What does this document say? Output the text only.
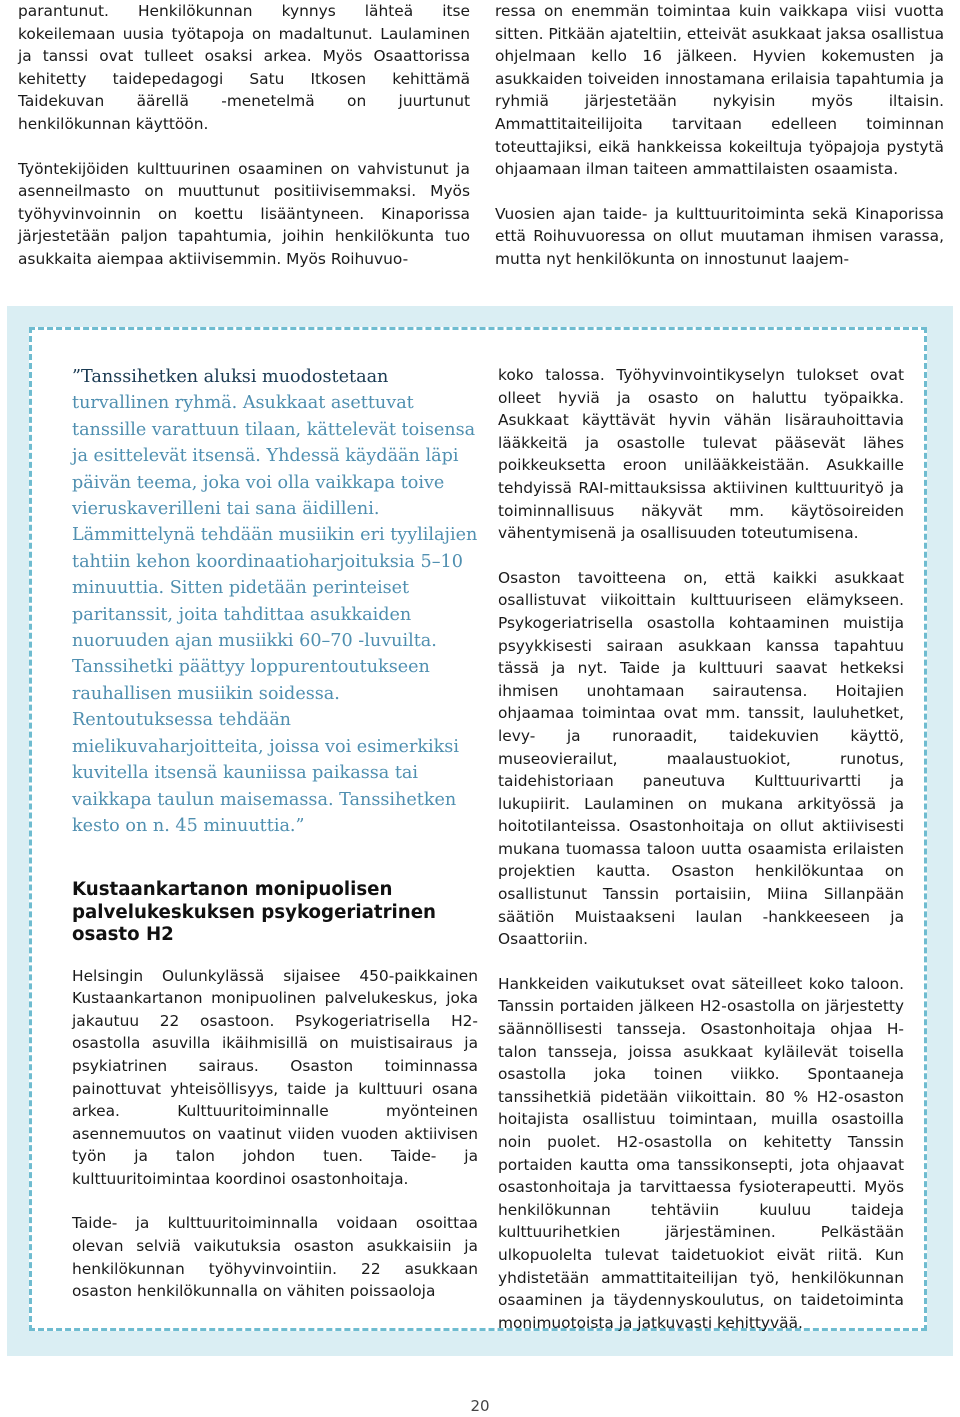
parantunut. Henkilökunnan kynnys lähteä itse kokeilemaan uusia työtapoja on madaltunut. Laulaminen ja tanssi ovat tulleet osaksi arkea. Myös Osaattorissa kehitetty taidepedagogi Satu Itkosen kehittämä Taidekuvan äärellä -menetelmä on juurtunut henkilökunnan käyttöön.

Työntekijöiden kulttuurinen osaaminen on vahvistunut ja asenneilmasto on muuttunut positiivisemmaksi. Myös työhyvinvoinnin on koettu lisääntyneen. Kinaporissa järjestetään paljon tapahtumia, joihin henkilökunta tuo asukkaita aiempaa aktiivisemmin. Myös Roihuvuo-

ressa on enemmän toimintaa kuin vaikkapa viisi vuotta sitten. Pitkään ajateltiin, etteivät asukkaat jaksa osallistua ohjelmaan kello 16 jälkeen. Hyvien kokemusten ja asukkaiden toiveiden innostamana erilaisia tapahtumia ja ryhmiä järjestetään nykyisin myös iltaisin. Ammattitaiteilijoita tarvitaan edelleen toiminnan toteuttajiksi, eikä hankkeissa kokeiltuja työpajoja pystytä ohjaamaan ilman taiteen ammattilaisten osaamista.

Vuosien ajan taide- ja kulttuuritoiminta sekä Kinaporissa että Roihuvuoressa on ollut muutaman ihmisen varassa, mutta nyt henkilökunta on innostunut laajem-

”Tanssihetken aluksi muodostetaan turvallinen ryhmä. Asukkaat asettuvat tanssille varattuun tilaan, kättelevät toisensa ja esittelevät itsensä. Yhdessä käydään läpi päivän teema, joka voi olla vaikkapa toive vieruskaverilleni tai sana äidilleni. Lämmittelynä tehdään musiikin eri tyylilajien tahtiin kehon koordinaatioharjoituksia 5–10 minuuttia. Sitten pidetään perinteiset paritanssit, joita tahdittaa asukkaiden nuoruuden ajan musiikki 60–70 -luvuilta. Tanssihetki päättyy loppurentoutukseen rauhallisen musiikin soidessa. Rentoutuksessa tehdään mielikuvaharjoitteita, joissa voi esimerkiksi kuvitella itsensä kauniissa paikassa tai vaikkapa taulun maisemassa. Tanssihetken kesto on n. 45 minuuttia.”

Kustaankartanon monipuolisen palvelukeskuksen psykogeriatrinen osasto H2

Helsingin Oulunkylässä sijaisee 450-paikkainen Kustaankartanon monipuolinen palvelukeskus, joka jakautuu 22 osastoon. Psykogeriatrisella H2-osastolla asuvilla ikäihmisillä on muistisairaus ja psykiatrinen sairaus. Osaston toiminnassa painottuvat yhteisöllisyys, taide ja kulttuuri osana arkea. Kulttuuritoiminnalle myönteinen asennemuutos on vaatinut viiden vuoden aktiivisen työn ja talon johdon tuen. Taide- ja kulttuuritoimintaa koordinoi osastonhoitaja.

Taide- ja kulttuuritoiminnalla voidaan osoittaa olevan selviä vaikutuksia osaston asukkaisiin ja henkilökunnan työhyvinvointiin. 22 asukkaan osaston henkilökunnalla on vähiten poissaoloja

koko talossa. Työhyvinvointikyselyn tulokset ovat olleet hyviä ja osasto on haluttu työpaikka. Asukkaat käyttävät hyvin vähän lisärauhoittavia lääkkeitä ja osastolle tulevat pääsevät lähes poikkeuksetta eroon unilääkkeistään. Asukkaille tehdyissä RAI-mittauksissa aktiivinen kulttuurityö ja toiminnallisuus näkyvät mm. käytösoireiden vähentymisenä ja osallisuuden toteutumisena.

Osaston tavoitteena on, että kaikki asukkaat osallistuvat viikoittain kulttuuriseen elämykseen. Psykogeriatrisella osastolla kohtaaminen muistija psyykkisesti sairaan asukkaan kanssa tapahtuu tässä ja nyt. Taide ja kulttuuri saavat hetkeksi ihmisen unohtamaan sairautensa. Hoitajien ohjaamaa toimintaa ovat mm. tanssit, lauluhetket, levy- ja runoraadit, taidekuvien käyttö, museovierailut, maalaustuokiot, runotus, taidehistoriaan paneutuva Kulttuurivartti ja lukupiirit. Laulaminen on mukana arkityössä ja hoitotilanteissa. Osastonhoitaja on ollut aktiivisesti mukana tuomassa taloon uutta osaamista erilaisten projektien kautta. Osaston henkilökuntaa on osallistunut Tanssin portaisiin, Miina Sillanpään säätiön Muistaakseni laulan -hankkeeseen ja Osaattoriin.

Hankkeiden vaikutukset ovat säteilleet koko taloon. Tanssin portaiden jälkeen H2-osastolla on järjestetty säännöllisesti tansseja. Osastonhoitaja ohjaa H-talon tansseja, joissa asukkaat kyläilevät toisella osastolla joka toinen viikko. Spontaaneja tanssihetkiä pidetään viikoittain. 80 % H2-osaston hoitajista osallistuu toimintaan, muilla osastoilla noin puolet. H2-osastolla on kehitetty Tanssin portaiden kautta oma tanssikonsepti, jota ohjaavat osastonhoitaja ja tarvittaessa fysioterapeutti. Myös henkilökunnan tehtäviin kuuluu taideja kulttuurihetkien järjestäminen. Pelkästään ulkopuolelta tulevat taidetuokiot eivät riitä. Kun yhdistetään ammattitaiteilijan työ, henkilökunnan osaaminen ja täydennyskoulutus, on taidetoiminta monimuotoista ja jatkuvasti kehittyvää.

20
